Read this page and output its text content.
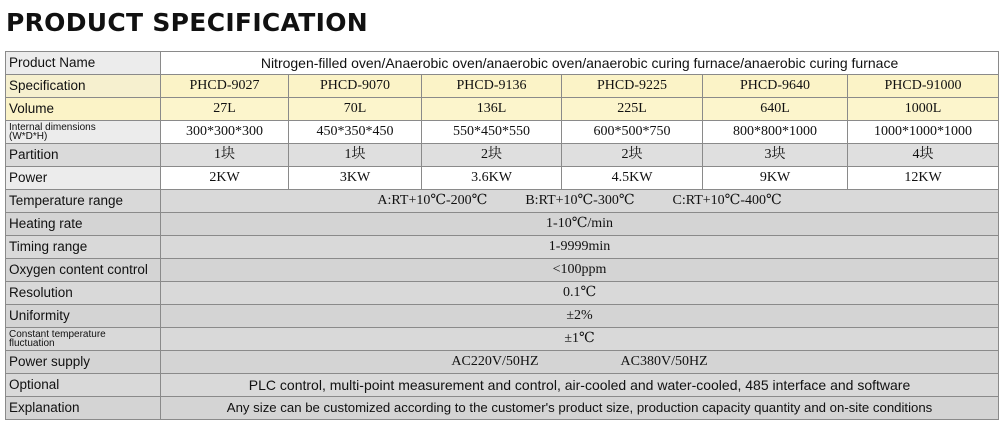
PRODUCT SPECIFICATION
Product Name	Nitrogen-filled oven/Anaerobic oven/anaerobic oven/anaerobic curing furnace/anaerobic curing furnace					
Specification	PHCD-9027	PHCD-9070	PHCD-9136	PHCD-9225	PHCD-9640	PHCD-91000
Volume	27L	70L	136L	225L	640L	1000L
Internal dimensions
(W*D*H)	300*300*300	450*350*450	550*450*550	600*500*750	800*800*1000	1000*1000*1000
Partition	1块	1块	2块	2块	3块	4块
Power	2KW	3KW	3.6KW	4.5KW	9KW	12KW
Temperature range	A:RT+10℃-200℃ B:RT+10℃-300℃ C:RT+10℃-400℃					
Heating rate	1-10℃/min					
Timing range	1-9999min					
Oxygen content control	<100ppm					
Resolution	0.1℃					
Uniformity	±2%					
Constant temperature
fluctuation	±1℃					
Power supply	AC220V/50HZ AC380V/50HZ					
Optional	PLC control, multi-point measurement and control, air-cooled and water-cooled, 485 interface and software					
Explanation	Any size can be customized according to the customer's product size, production capacity quantity and on-site conditions					
